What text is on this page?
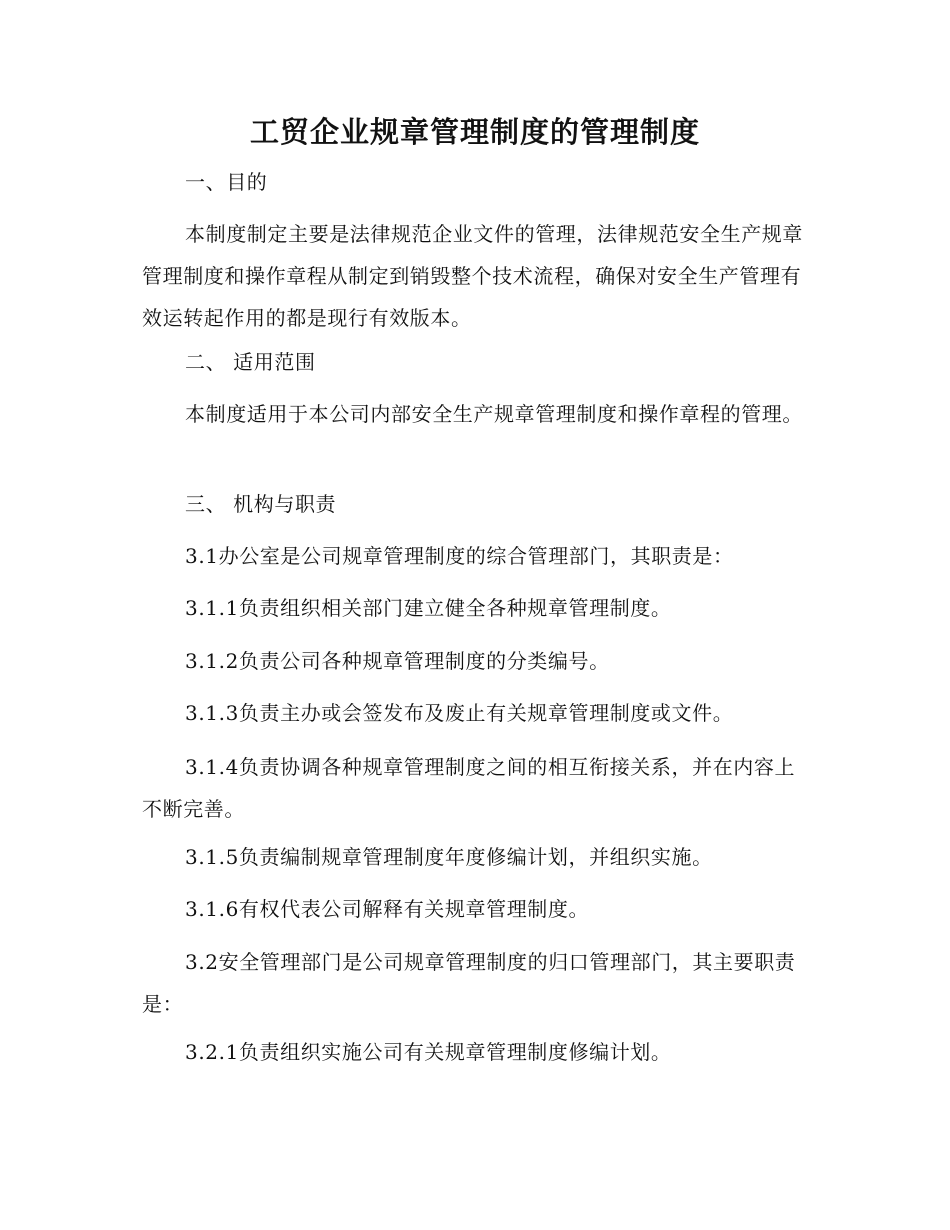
工贸企业规章管理制度的管理制度

一、目的

本制度制定主要是法律规范企业文件的管理，法律规范安全生产规章管理制度和操作章程从制定到销毁整个技术流程，确保对安全生产管理有效运转起作用的都是现行有效版本。

二、 适用范围

本制度适用于本公司内部安全生产规章管理制度和操作章程的管理。

三、 机构与职责

3.1办公室是公司规章管理制度的综合管理部门，其职责是：

3.1.1负责组织相关部门建立健全各种规章管理制度。

3.1.2负责公司各种规章管理制度的分类编号。

3.1.3负责主办或会签发布及废止有关规章管理制度或文件。

3.1.4负责协调各种规章管理制度之间的相互衔接关系，并在内容上不断完善。

3.1.5负责编制规章管理制度年度修编计划，并组织实施。

3.1.6有权代表公司解释有关规章管理制度。

3.2安全管理部门是公司规章管理制度的归口管理部门，其主要职责是：

3.2.1负责组织实施公司有关规章管理制度修编计划。
